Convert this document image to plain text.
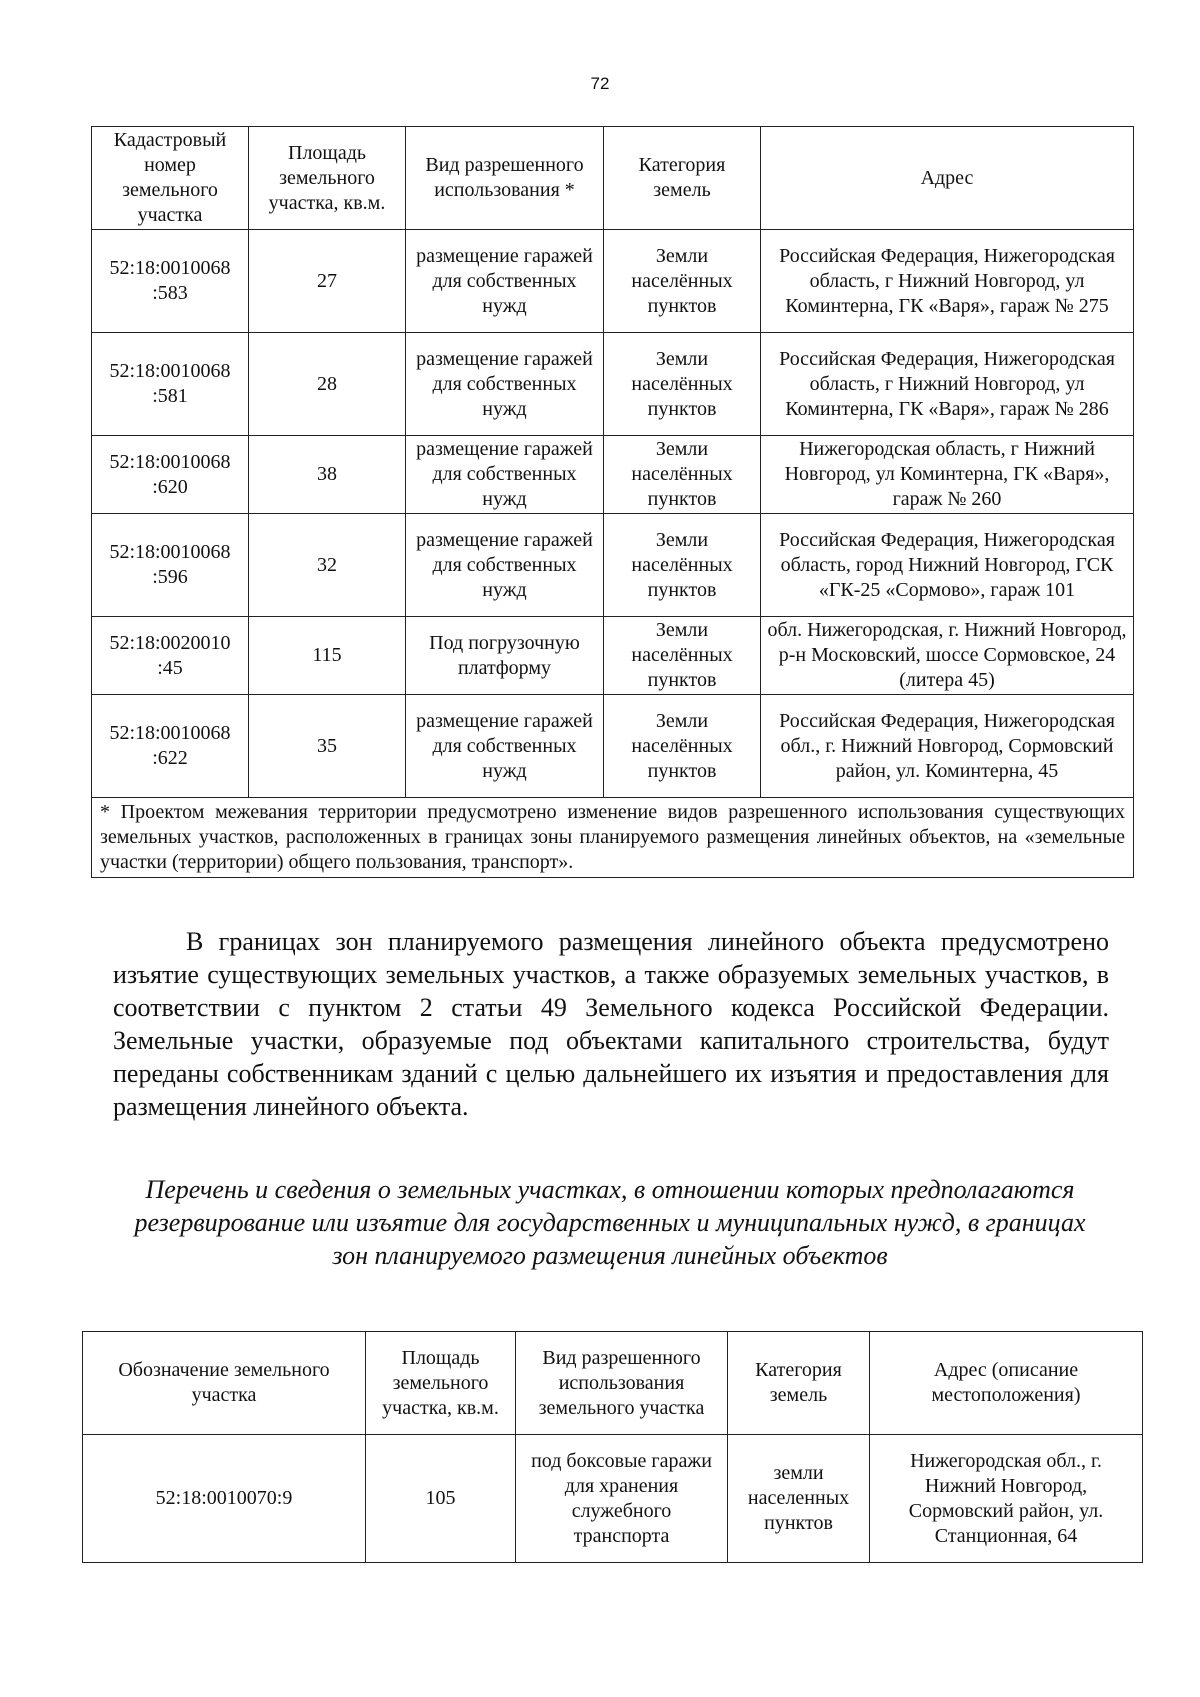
72
Кадастровый номер земельного участка	Площадь земельного участка, кв.м.	Вид разрешенного использования *	Категория земель	Адрес
52:18:0010068 :583	27	размещение гаражей для собственных нужд	Земли населённых пунктов	Российская Федерация, Нижегородская область, г Нижний Новгород, ул Коминтерна, ГК «Варя», гараж № 275
52:18:0010068 :581	28	размещение гаражей для собственных нужд	Земли населённых пунктов	Российская Федерация, Нижегородская область, г Нижний Новгород, ул Коминтерна, ГК «Варя», гараж № 286
52:18:0010068 :620	38	размещение гаражей для собственных нужд	Земли населённых пунктов	Нижегородская область, г Нижний Новгород, ул Коминтерна, ГК «Варя», гараж № 260
52:18:0010068 :596	32	размещение гаражей для собственных нужд	Земли населённых пунктов	Российская Федерация, Нижегородская область, город Нижний Новгород, ГСК «ГК-25 «Сормово», гараж 101
52:18:0020010 :45	115	Под погрузочную платформу	Земли населённых пунктов	обл. Нижегородская, г. Нижний Новгород, р-н Московский, шоссе Сормовское, 24 (литера 45)
52:18:0010068 :622	35	размещение гаражей для собственных нужд	Земли населённых пунктов	Российская Федерация, Нижегородская обл., г. Нижний Новгород, Сормовский район, ул. Коминтерна, 45
* Проектом межевания территории предусмотрено изменение видов разрешенного использования существующих земельных участков, расположенных в границах зоны планируемого размещения линейных объектов, на «земельные участки (территории) общего пользования, транспорт».				

В границах зон планируемого размещения линейного объекта предусмотрено изъятие существующих земельных участков, а также образуемых земельных участков, в соответствии с пунктом 2 статьи 49 Земельного кодекса Российской Федерации. Земельные участки, образуемые под объектами капитального строительства, будут переданы собственникам зданий с целью дальнейшего их изъятия и предоставления для размещения линейного объекта.

Перечень и сведения о земельных участках, в отношении которых предполагаются резервирование или изъятие для государственных и муниципальных нужд, в границах зон планируемого размещения линейных объектов

Обозначение земельного участка	Площадь земельного участка, кв.м.	Вид разрешенного использования земельного участка	Категория земель	Адрес (описание местоположения)
52:18:0010070:9	105	под боксовые гаражи для хранения служебного транспорта	земли населенных пунктов	Нижегородская обл., г. Нижний Новгород, Сормовский район, ул. Станционная, 64
